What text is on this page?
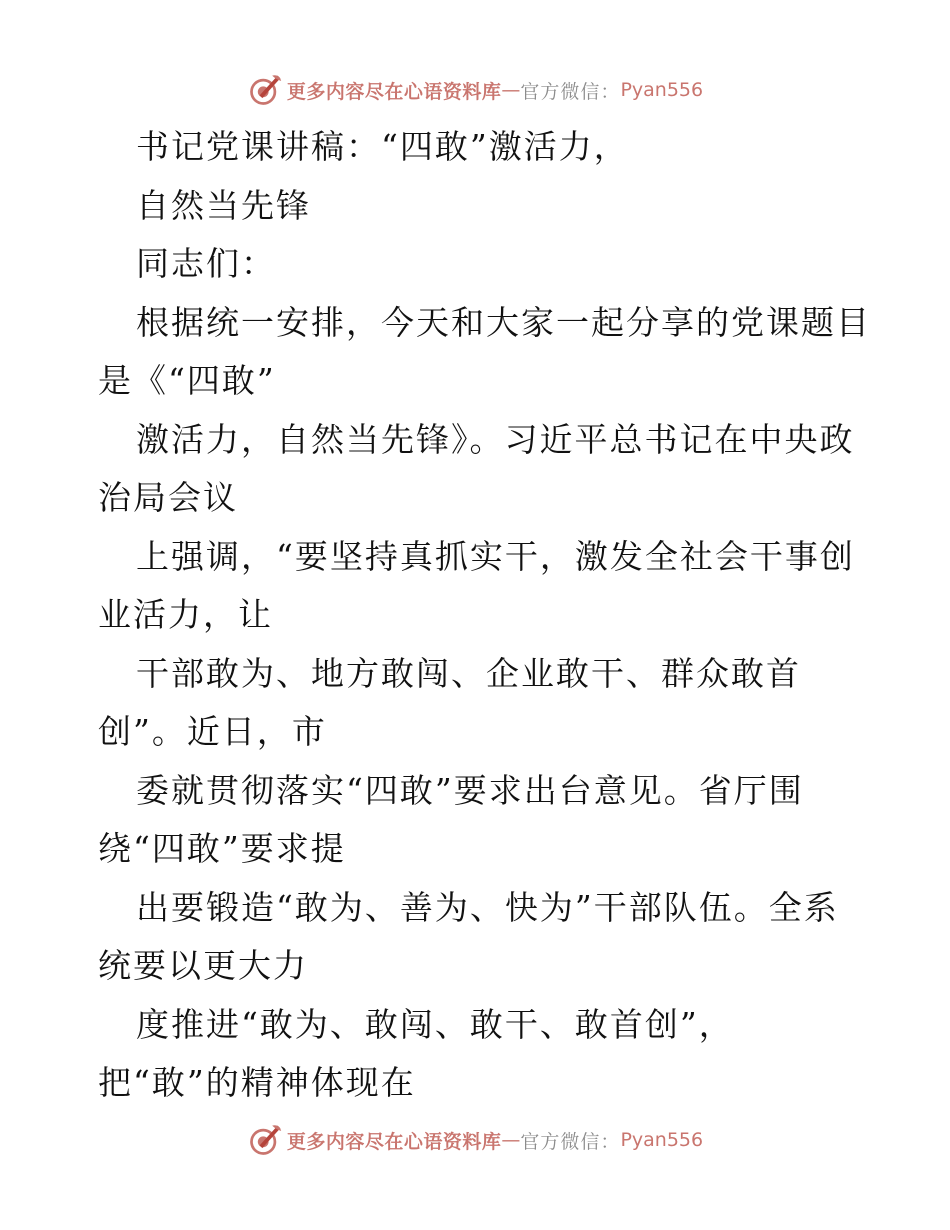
更多内容尽在心语资料库 — 官方微信： Pyan556
书记党课讲稿：“四敢”激活力，
自然当先锋
同志们：
根据统一安排，今天和大家一起分享的党课题目
是《“四敢”
激活力，自然当先锋》。习近平总书记在中央政
治局会议
上强调，“要坚持真抓实干，激发全社会干事创
业活力，让
干部敢为、地方敢闯、企业敢干、群众敢首
创”。近日，市
委就贯彻落实“四敢”要求出台意见。省厅围
绕“四敢”要求提
出要锻造“敢为、善为、快为”干部队伍。全系
统要以更大力
度推进“敢为、敢闯、敢干、敢首创”，
把“敢”的精神体现在
更多内容尽在心语资料库 — 官方微信： Pyan556
